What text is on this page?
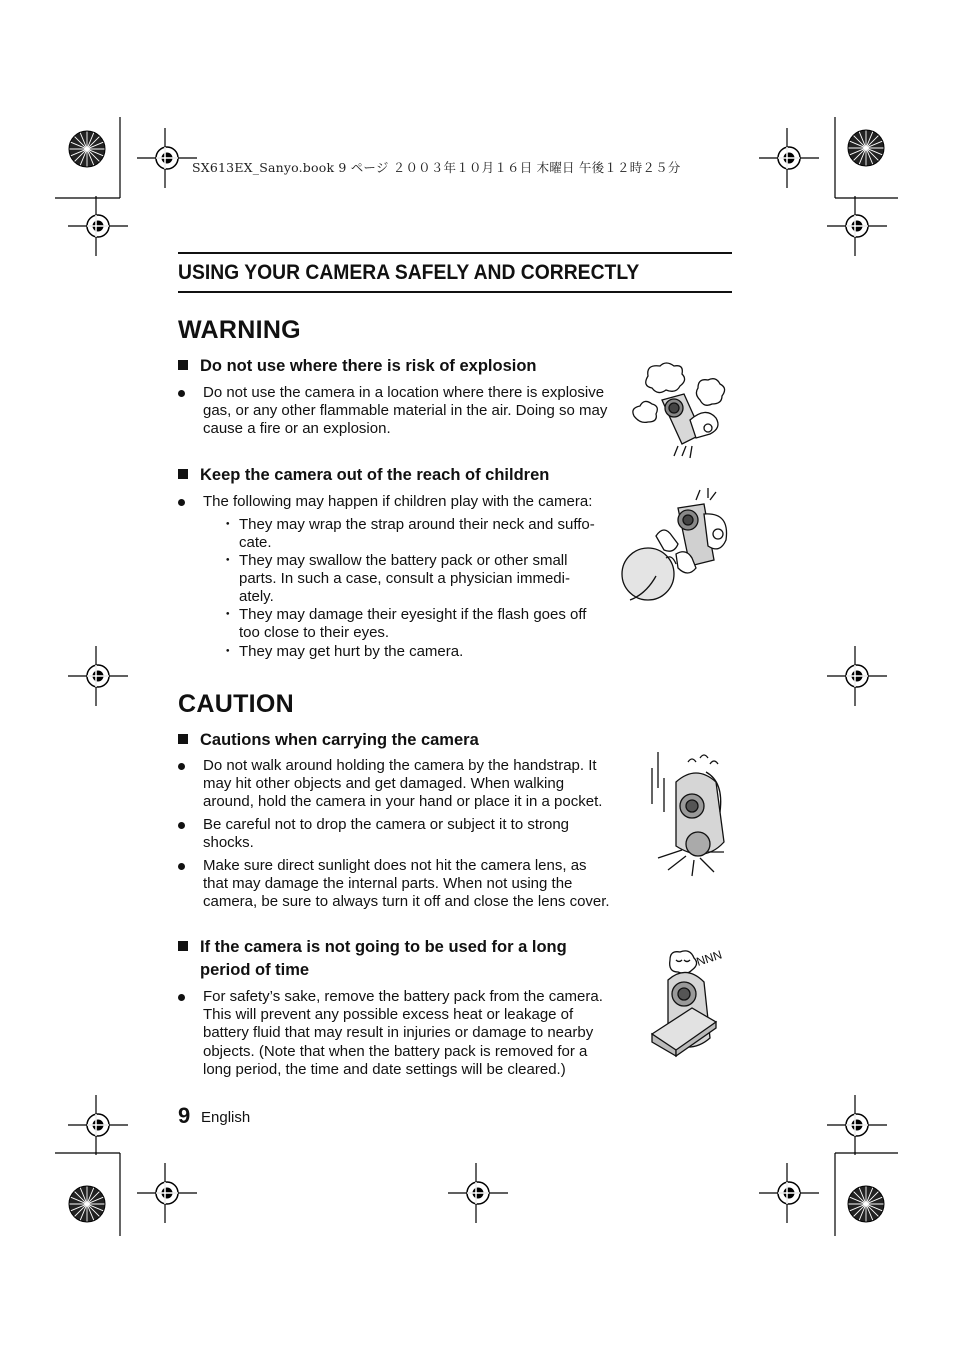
SX613EX_Sanyo.book 9 ページ ２００３年１０月１６日 木曜日 午後１２時２５分
USING YOUR CAMERA SAFELY AND CORRECTLY
WARNING
Do not use where there is risk of explosion
Do not use the camera in a location where there is explosive
gas, or any other flammable material in the air. Doing so may
cause a fire or an explosion.
Keep the camera out of the reach of children
The following may happen if children play with the camera:
･ They may wrap the strap around their neck and suffo-
cate.
･ They may swallow the battery pack or other small
parts. In such a case, consult a physician immedi-
ately.
･ They may damage their eyesight if the flash goes off
too close to their eyes.
･ They may get hurt by the camera.
CAUTION
Cautions when carrying the camera
Do not walk around holding the camera by the handstrap. It
may hit other objects and get damaged. When walking
around, hold the camera in your hand or place it in a pocket.
Be careful not to drop the camera or subject it to strong
shocks.
Make sure direct sunlight does not hit the camera lens, as
that may damage the internal parts. When not using the
camera, be sure to always turn it off and close the lens cover.
If the camera is not going to be used for a long
period of time
For safety’s sake, remove the battery pack from the camera.
This will prevent any possible excess heat or leakage of
battery fluid that may result in injuries or damage to nearby
objects. (Note that when the battery pack is removed for a
long period, the time and date settings will be cleared.)
NNN
9 English
